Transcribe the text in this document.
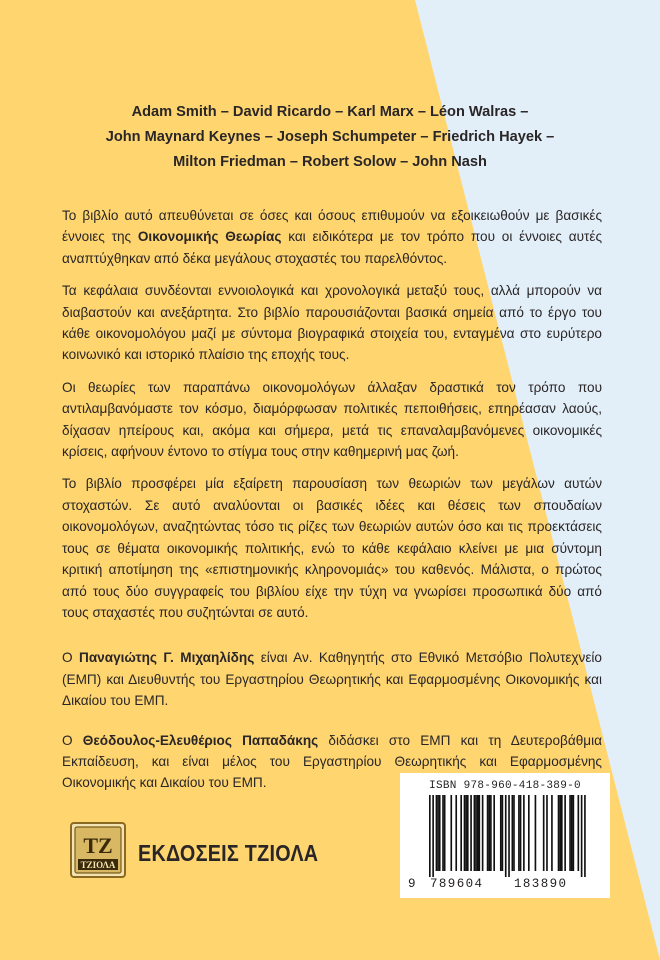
Adam Smith – David Ricardo – Karl Marx – Léon Walras –
John Maynard Keynes – Joseph Schumpeter – Friedrich Hayek –
Milton Friedman – Robert Solow – John Nash

Το βιβλίο αυτό απευθύνεται σε όσες και όσους επιθυμούν να εξοικειωθούν με βασικές έννοιες της Οικονομικής Θεωρίας και ειδικότερα με τον τρόπο που οι έννοιες αυτές αναπτύχθηκαν από δέκα μεγάλους στοχαστές του παρελθόντος.

Τα κεφάλαια συνδέονται εννοιολογικά και χρονολογικά μεταξύ τους, αλλά μπορούν να διαβαστούν και ανεξάρτητα. Στο βιβλίο παρουσιάζονται βασικά σημεία από το έργο του κάθε οικονομολόγου μαζί με σύντομα βιογραφικά στοιχεία του, ενταγμένα στο ευρύτερο κοινωνικό και ιστορικό πλαίσιο της εποχής τους.

Οι θεωρίες των παραπάνω οικονομολόγων άλλαξαν δραστικά τον τρόπο που αντιλαμβανόμαστε τον κόσμο, διαμόρφωσαν πολιτικές πεποιθήσεις, επηρέασαν λαούς, δίχασαν ηπείρους και, ακόμα και σήμερα, μετά τις επαναλαμβανόμενες οικονομικές κρίσεις, αφήνουν έντονο το στίγμα τους στην καθημερινή μας ζωή.

Το βιβλίο προσφέρει μία εξαίρετη παρουσίαση των θεωριών των μεγάλων αυτών στοχαστών. Σε αυτό αναλύονται οι βασικές ιδέες και θέσεις των σπουδαίων οικονομολόγων, αναζητώντας τόσο τις ρίζες των θεωριών αυτών όσο και τις προεκτάσεις τους σε θέματα οικονομικής πολιτικής, ενώ το κάθε κεφάλαιο κλείνει με μια σύντομη κριτική αποτίμηση της «επιστημονικής κληρονομιάς» του καθενός. Μάλιστα, ο πρώτος από τους δύο συγγραφείς του βιβλίου είχε την τύχη να γνωρίσει προσωπικά δύο από τους σταχαστές που συζητώνται σε αυτό.

Ο Παναγιώτης Γ. Μιχαηλίδης είναι Αν. Καθηγητής στο Εθνικό Μετσόβιο Πολυτεχνείο (ΕΜΠ) και Διευθυντής του Εργαστηρίου Θεωρητικής και Εφαρμοσμένης Οικονομικής και Δικαίου του ΕΜΠ.

Ο Θεόδουλος-Ελευθέριος Παπαδάκης διδάσκει στο ΕΜΠ και τη Δευτεροβάθμια Εκπαίδευση, και είναι μέλος του Εργαστηρίου Θεωρητικής και Εφαρμοσμένης Οικονομικής και Δικαίου του ΕΜΠ.

ΤΖ
ΤΖΙΟΛΑ ΕΚΔΟΣΕΙΣ ΤΖΙΟΛΑ
ISBN 978-960-418-389-0
9 789604 183890
